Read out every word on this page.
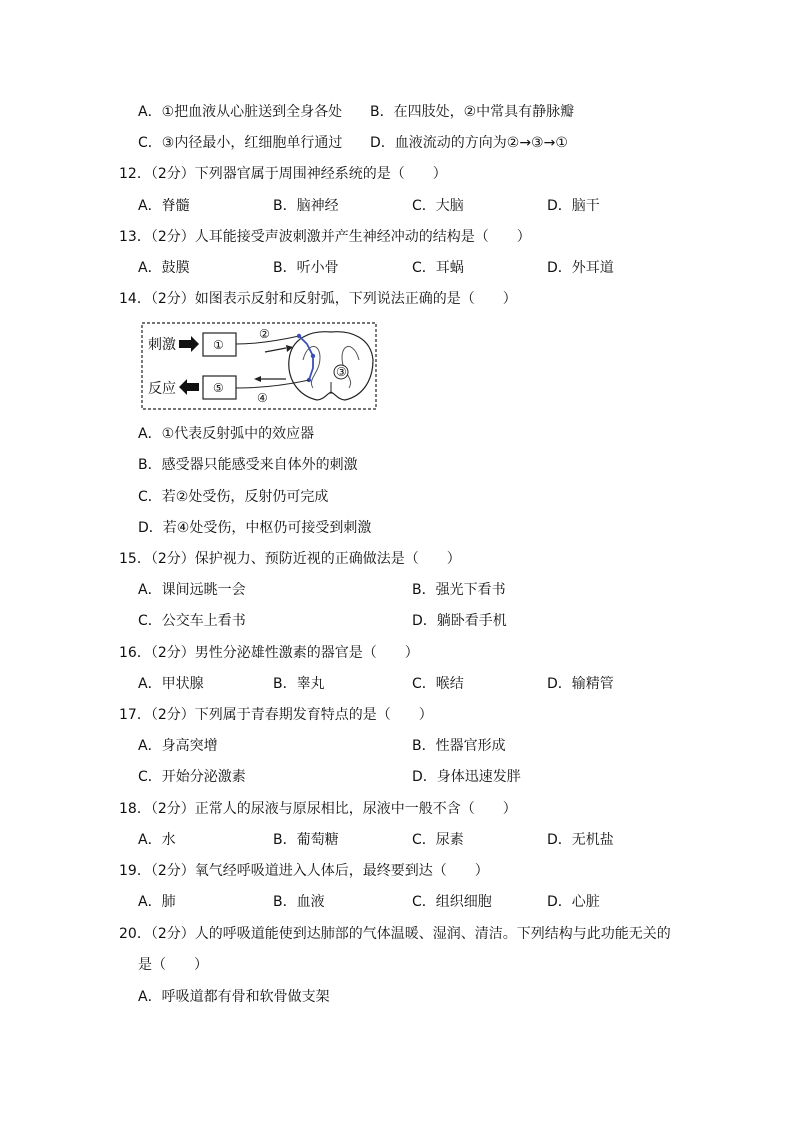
A．①把血液从心脏送到全身各处 B．在四肢处，②中常具有静脉瓣
C．③内径最小，红细胞单行通过 D．血液流动的方向为②→③→①
12．（2分）下列器官属于周围神经系统的是（　　）
A．脊髓	B．脑神经	C．大脑	D．脑干
13．（2分）人耳能接受声波刺激并产生神经冲动的结构是（　　）
A．鼓膜	B．听小骨	C．耳蜗	D．外耳道
14．（2分）如图表示反射和反射弧，下列说法正确的是（　　）
刺激	①
反应	⑤
③
②
④
A．①代表反射弧中的效应器
B．感受器只能感受来自体外的刺激
C．若②处受伤，反射仍可完成
D．若④处受伤，中枢仍可接受到刺激
15．（2分）保护视力、预防近视的正确做法是（　　）
A．课间远眺一会	B．强光下看书
C．公交车上看书	D．躺卧看手机
16．（2分）男性分泌雄性激素的器官是（　　）
A．甲状腺	B．睾丸	C．喉结	D．输精管
17．（2分）下列属于青春期发育特点的是（　　）
A．身高突增	B．性器官形成
C．开始分泌激素	D．身体迅速发胖
18．（2分）正常人的尿液与原尿相比，尿液中一般不含（　　）
A．水	B．葡萄糖	C．尿素	D．无机盐
19．（2分）氧气经呼吸道进入人体后，最终要到达（　　）
A．肺	B．血液	C．组织细胞	D．心脏
20．（2分）人的呼吸道能使到达肺部的气体温暖、湿润、清洁。下列结构与此功能无关的
是（　　）
A．呼吸道都有骨和软骨做支架
